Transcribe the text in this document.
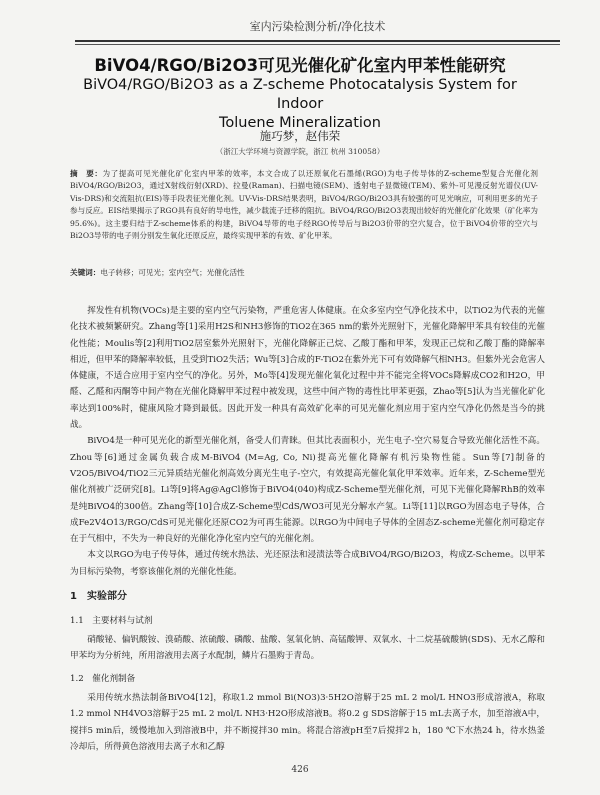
室内污染检测分析/净化技术
BiVO4/RGO/Bi2O3可见光催化矿化室内甲苯性能研究
BiVO4/RGO/Bi2O3 as a Z-scheme Photocatalysis System for Indoor
Toluene Mineralization
施巧梦，赵伟荣
（浙江大学环境与资源学院，浙江 杭州 310058）
摘　要：为了提高可见光催化矿化室内甲苯的效率，本文合成了以还原氧化石墨烯(RGO)为电子传导体的Z-scheme型复合光催化剂BiVO4/RGO/Bi2O3，通过X射线衍射(XRD)、拉曼(Raman)、扫描电镜(SEM)、透射电子显微镜(TEM)、紫外-可见漫反射光谱仪(UV-Vis-DRS)和交流阻抗(EIS)等手段表征光催化剂。UV-Vis-DRS结果表明，BiVO4/RGO/Bi2O3具有较强的可见光响应，可利用更多的光子参与反应。EIS结果揭示了RGO具有良好的导电性，减少载流子迁移的阻抗。BiVO4/RGO/Bi2O3表现出较好的光催化矿化效果（矿化率为95.6%)。这主要归结于Z-scheme体系的构建，BiVO4导带的电子经RGO传导后与Bi2O3价带的空穴复合，位于BiVO4价带的空穴与Bi2O3导带的电子则分别发生氧化还原反应，最终实现甲苯的有效、矿化甲苯。
关键词：电子转移；可见光；室内空气；光催化活性

挥发性有机物(VOCs)是主要的室内空气污染物，严重危害人体健康。在众多室内空气净化技术中，以TiO2为代表的光催化技术被频繁研究。Zhang等[1]采用H2S和NH3修饰的TiO2在365 nm的紫外光照射下，光催化降解甲苯具有较佳的光催化性能；Moulis等[2]利用TiO2居室紫外光照射下，光催化降解正己烷、乙酸丁酯和甲苯，发现正己烷和乙酸丁酯的降解率相近，但甲苯的降解率较低，且受到TiO2失活；Wu等[3]合成的F-TiO2在紫外光下可有效降解气相NH3。但紫外光会危害人体健康，不适合应用于室内空气的净化。另外，Mo等[4]发现光催化氧化过程中并不能完全将VOCs降解成CO2和H2O，甲醛、乙醛和丙酮等中间产物在光催化降解甲苯过程中被发现，这些中间产物的毒性比甲苯更强，Zhao等[5]认为当光催化矿化率达到100%时，健康风险才降到最低。因此开发一种具有高效矿化率的可见光催化剂应用于室内空气净化仍然是当今的挑战。

BiVO4是一种可见光化的新型光催化剂，备受人们青睐。但其比表面积小，光生电子-空穴易复合导致光催化活性不高。Zhou等[6]通过金属负载合成M-BiVO4 (M=Ag, Co, Ni)提高光催化降解有机污染物性能。Sun等[7]制备的V2O5/BiVO4/TiO2三元异质结光催化剂高效分离光生电子-空穴，有效提高光催化氧化甲苯效率。近年来，Z-Scheme型光催化剂被广泛研究[8]。Li等[9]将Ag@AgCl修饰于BiVO4(040)构成Z-Scheme型光催化剂，可见下光催化降解RhB的效率是纯BiVO4的300倍。Zhang等[10]合成Z-Scheme型CdS/WO3可见光分解水产氢。Li等[11]以RGO为固态电子导体，合成Fe2V4O13/RGO/CdS可见光催化还原CO2为可再生能源。以RGO为中间电子导体的全固态Z-scheme光催化剂可稳定存在于气相中，不失为一种良好的光催化净化室内空气的光催化剂。

本文以RGO为电子传导体，通过传统水热法、光还原法和浸渍法等合成BiVO4/RGO/Bi2O3，构成Z-Scheme。以甲苯为目标污染物，考察该催化剂的光催化性能。

1　实验部分
1.1　主要材料与试剂

硝酸铋、偏钒酸铵、溴硝酸、浓硫酸、磷酸、盐酸、氢氧化钠、高锰酸钾、双氧水、十二烷基硫酸钠(SDS)、无水乙醇和甲苯均为分析纯，所用溶液用去离子水配制，鳞片石墨购于青岛。

1.2　催化剂制备

采用传统水热法制备BiVO4[12]，称取1.2 mmol Bi(NO3)3·5H2O溶解于25 mL 2 mol/L HNO3形成溶液A，称取1.2 mmol NH4VO3溶解于25 mL 2 mol/L NH3·H2O形成溶液B。将0.2 g SDS溶解于15 mL去离子水，加至溶液A中，搅拌5 min后，缓慢地加入到溶液B中，并不断搅拌30 min。将混合溶液pH至7后搅拌2 h，180 ℃下水热24 h，待水热釜冷却后，所得黄色溶液用去离子水和乙醇

426
